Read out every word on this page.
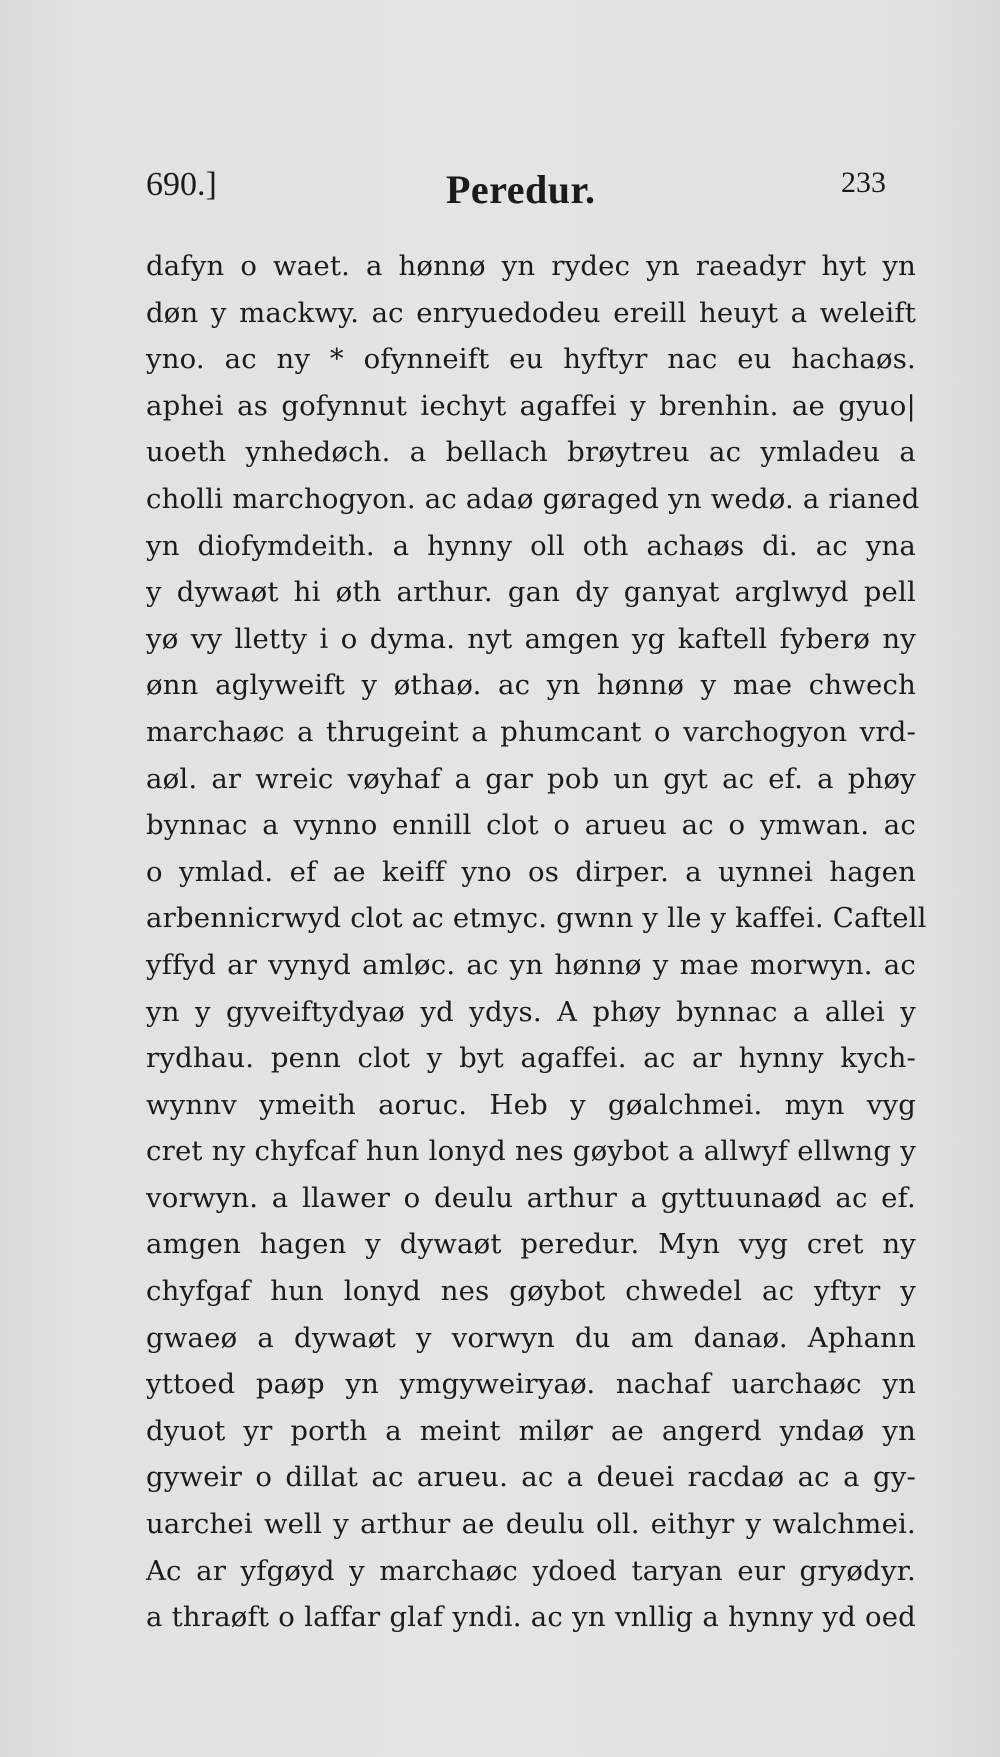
690.]	Peredur.	233
dafyn o waet. a hønnø yn rydec yn raeadyr hyt yn
døn y mackwy. ac enryuedodeu ereill heuyt a weleift
yno. ac ny * ofynneift eu hyftyr nac eu hachaøs.
aphei as gofynnut iechyt agaffei y brenhin. ae gyuo|
uoeth ynhedøch. a bellach brøytreu ac ymladeu a
cholli marchogyon. ac adaø gøraged yn wedø. a rianed
yn diofymdeith. a hynny oll oth achaøs di. ac yna
y dywaøt hi øth arthur. gan dy ganyat arglwyd pell
yø vy lletty i o dyma. nyt amgen yg kaftell fyberø ny
ønn aglyweift y øthaø. ac yn hønnø y mae chwech
marchaøc a thrugeint a phumcant o varchogyon vrd-
aøl. ar wreic vøyhaf a gar pob un gyt ac ef. a phøy
bynnac a vynno ennill clot o arueu ac o ymwan. ac
o ymlad. ef ae keiff yno os dirper. a uynnei hagen
arbennicrwyd clot ac etmyc. gwnn y lle y kaffei. Caftell
yffyd ar vynyd amløc. ac yn hønnø y mae morwyn. ac
yn y gyveiftydyaø yd ydys. A phøy bynnac a allei y
rydhau. penn clot y byt agaffei. ac ar hynny kych-
wynnv ymeith aoruc. Heb y gøalchmei. myn vyg
cret ny chyfcaf hun lonyd nes gøybot a allwyf ellwng y
vorwyn. a llawer o deulu arthur a gyttuunaød ac ef.
amgen hagen y dywaøt peredur. Myn vyg cret ny
chyfgaf hun lonyd nes gøybot chwedel ac yftyr y
gwaeø a dywaøt y vorwyn du am danaø. Aphann
yttoed paøp yn ymgyweiryaø. nachaf uarchaøc yn
dyuot yr porth a meint milør ae angerd yndaø yn
gyweir o dillat ac arueu. ac a deuei racdaø ac a gy-
uarchei well y arthur ae deulu oll. eithyr y walchmei.
Ac ar yfgøyd y marchaøc ydoed taryan eur gryødyr.
a thraøft o laffar glaf yndi. ac yn vnllig a hynny yd oed
